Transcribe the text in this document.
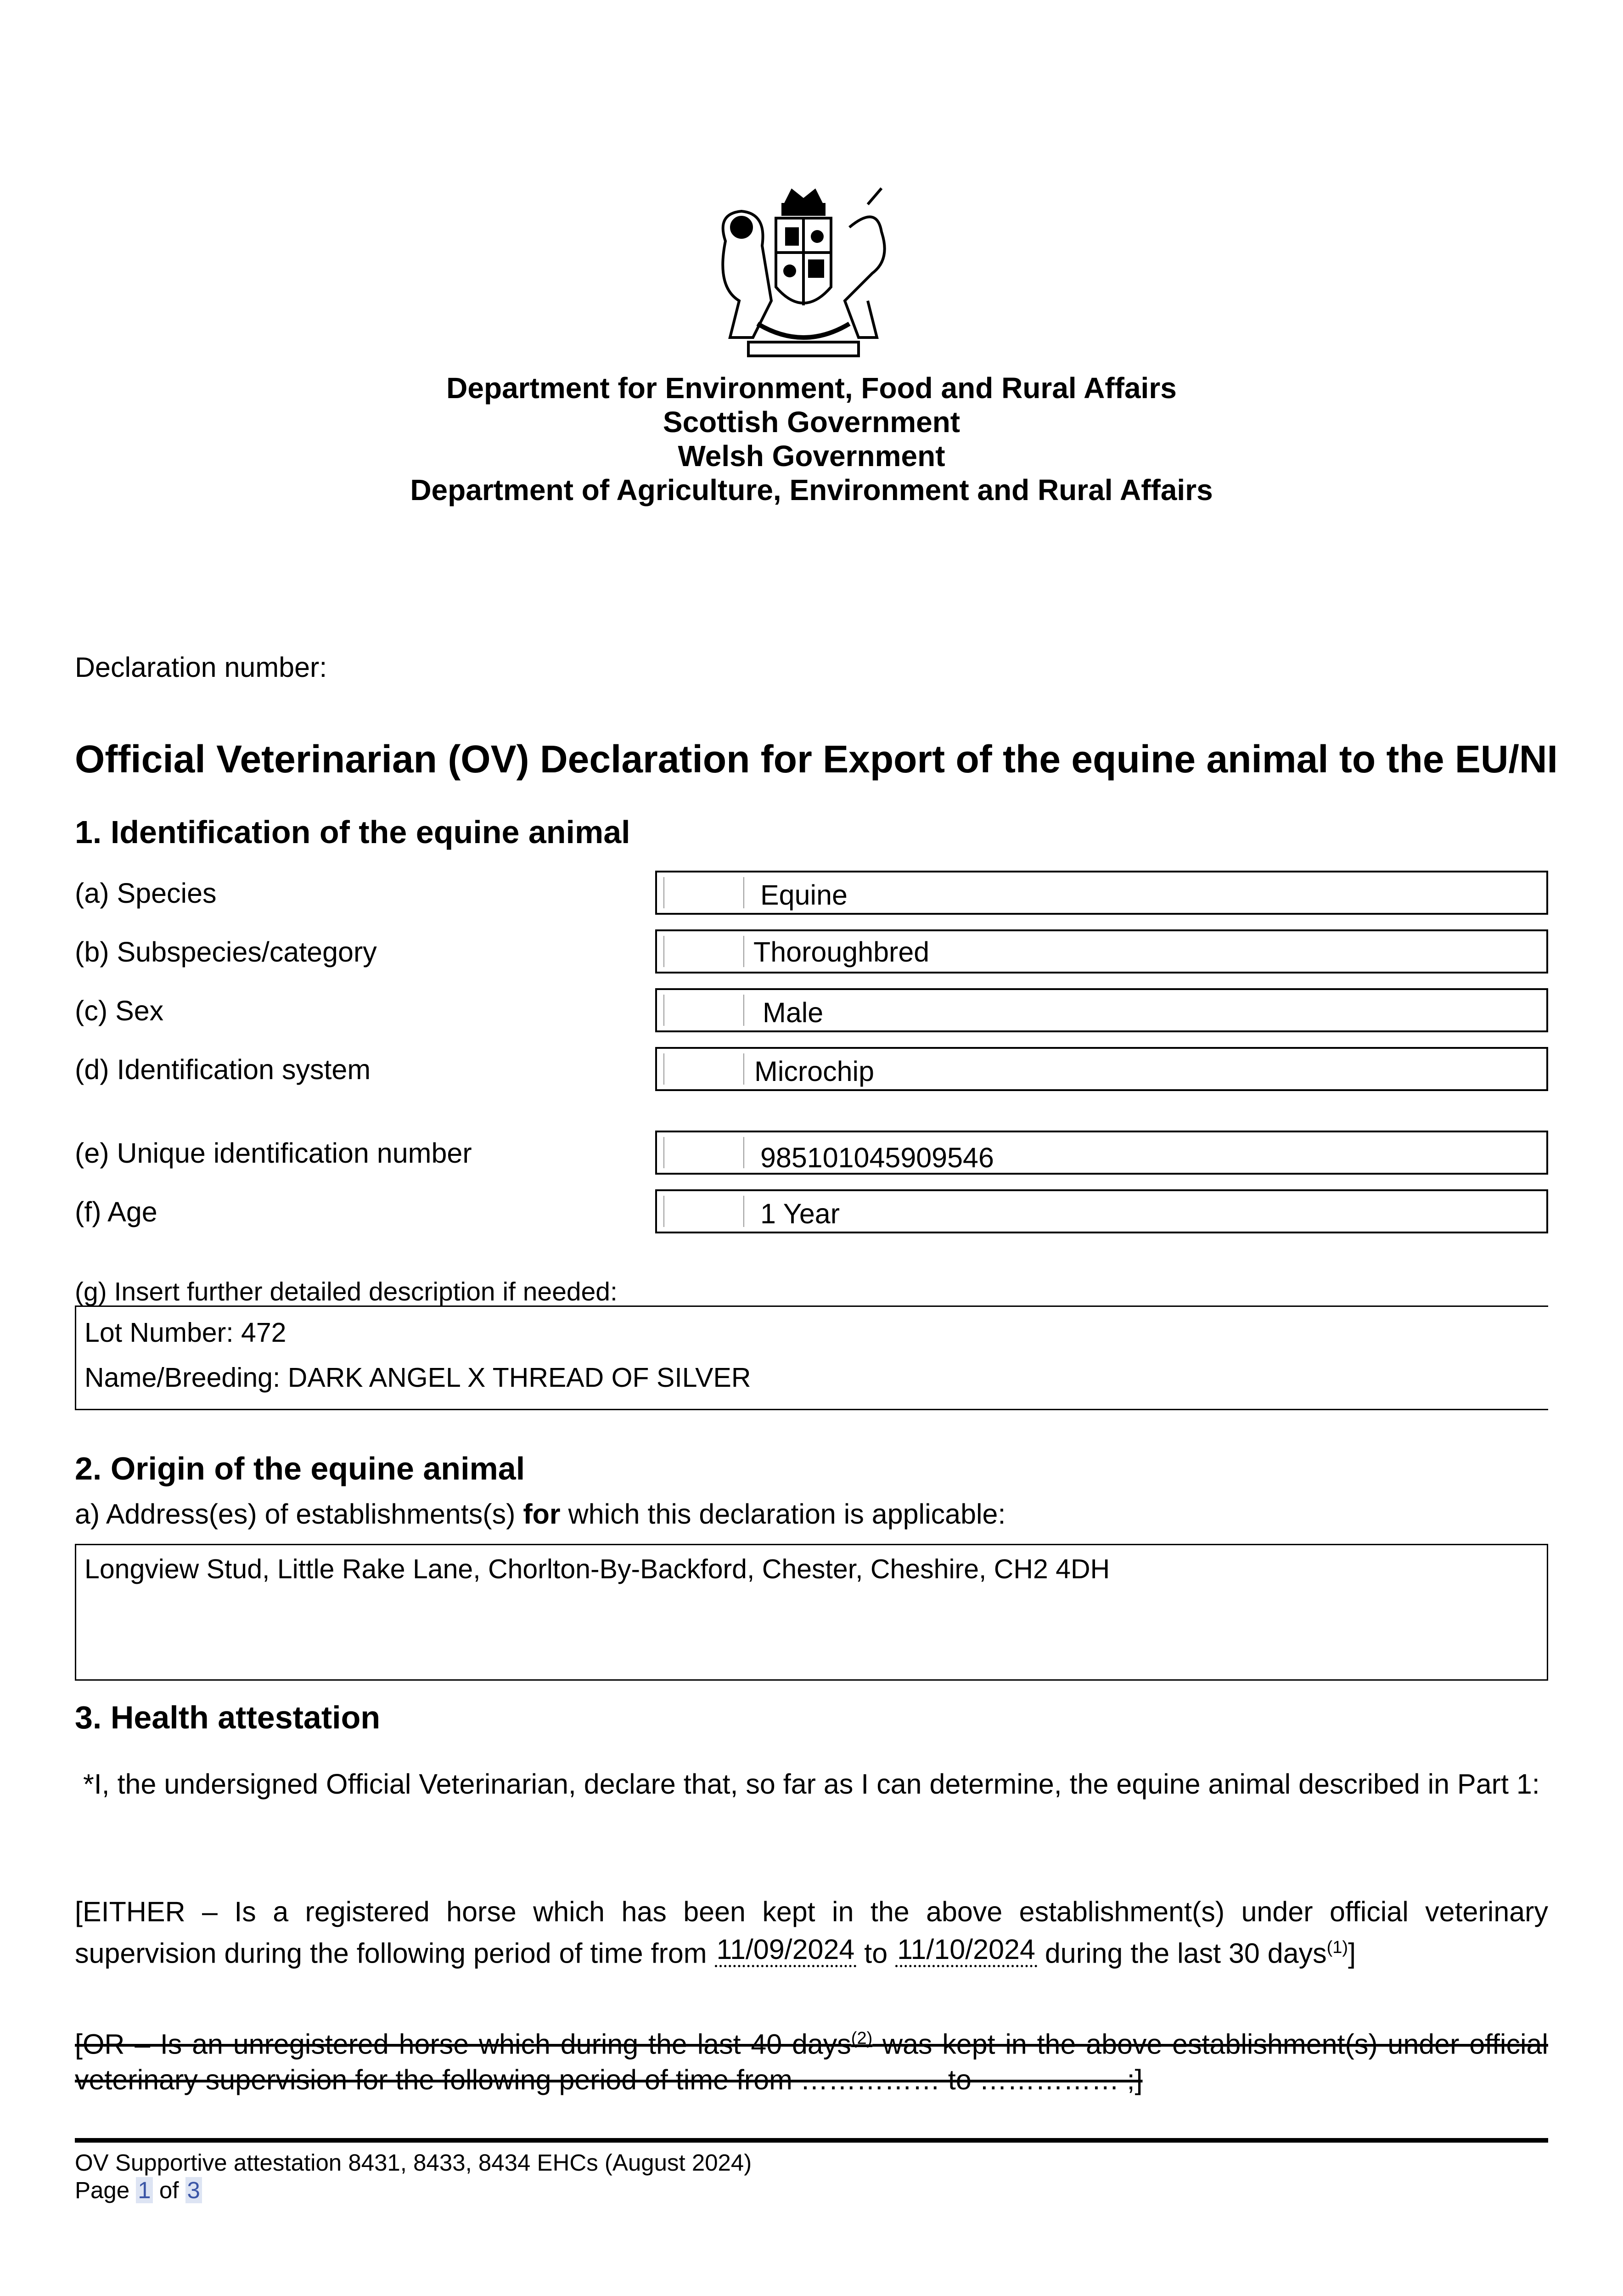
Department for Environment, Food and Rural Affairs
Scottish Government
Welsh Government
Department of Agriculture, Environment and Rural Affairs
Declaration number:
Official Veterinarian (OV) Declaration for Export of the equine animal to the EU/NI
1. Identification of the equine animal
(a) Species	Equine
(b) Subspecies/category	Thoroughbred
(c) Sex	Male
(d) Identification system	Microchip
(e) Unique identification number	985101045909546
(f) Age	1 Year
(g) Insert further detailed description if needed:
Lot Number: 472
Name/Breeding: DARK ANGEL X THREAD OF SILVER
2. Origin of the equine animal
a) Address(es) of establishments(s) for which this declaration is applicable:
Longview Stud, Little Rake Lane, Chorlton-By-Backford, Chester, Cheshire, CH2 4DH
3. Health attestation
*I, the undersigned Official Veterinarian, declare that, so far as I can determine, the equine animal described in Part 1:
[EITHER – Is a registered horse which has been kept in the above establishment(s) under official veterinary supervision during the following period of time from 11/09/2024 to 11/10/2024 during the last 30 days$^{(1)}$]
[OR – Is an unregistered horse which during the last 40 days$^{(2)}$ was kept in the above establishment(s) under official veterinary supervision for the following period of time from …………… to …………… ;]
OV Supportive attestation 8431, 8433, 8434 EHCs (August 2024)
Page 1 of 3
